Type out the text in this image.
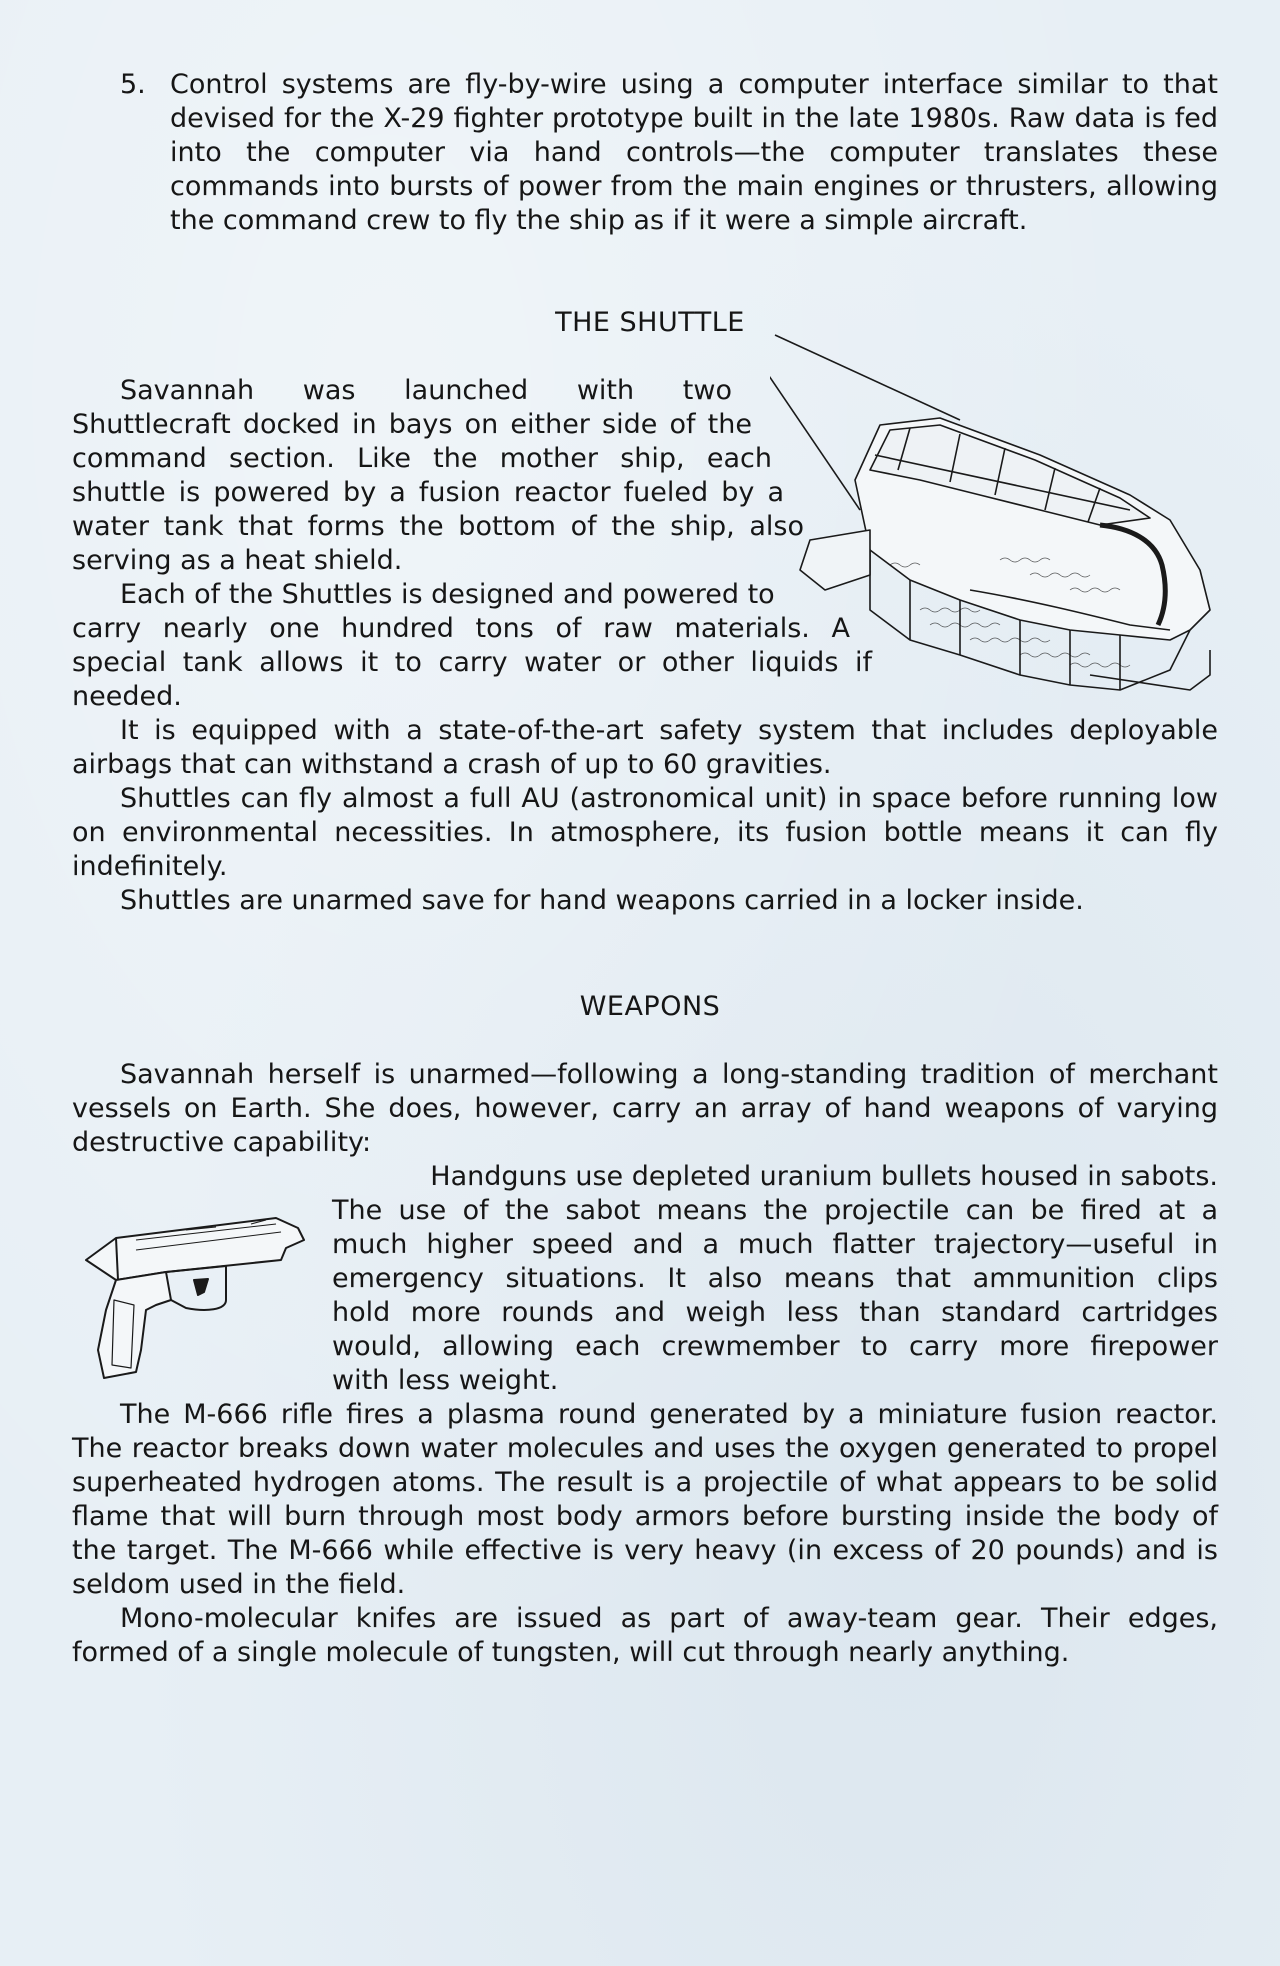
5. Control systems are fly-by-wire using a computer interface similar to that devised for the X-29 fighter prototype built in the late 1980s. Raw data is fed into the computer via hand controls—the computer translates these commands into bursts of power from the main engines or thrusters, allowing the command crew to fly the ship as if it were a simple aircraft.

THE SHUTTLE
Savannah was launched with two
Shuttlecraft docked in bays on either side of the
command section. Like the mother ship, each
shuttle is powered by a fusion reactor fueled by a
water tank that forms the bottom of the ship, also
serving as a heat shield.
Each of the Shuttles is designed and powered to
carry nearly one hundred tons of raw materials. A
special tank allows it to carry water or other liquids if
needed.

It is equipped with a state-of-the-art safety system that includes deployable airbags that can withstand a crash of up to 60 gravities.

Shuttles can fly almost a full AU (astronomical unit) in space before running low on environmental necessities. In atmosphere, its fusion bottle means it can fly indefinitely.

Shuttles are unarmed save for hand weapons carried in a locker inside.

WEAPONS

Savannah herself is unarmed—following a long-standing tradition of merchant vessels on Earth. She does, however, carry an array of hand weapons of varying destructive capability:

Handguns use depleted uranium bullets housed in sabots.
The use of the sabot means the projectile can be fired at a
much higher speed and a much flatter trajectory—useful in
emergency situations. It also means that ammunition clips
hold more rounds and weigh less than standard cartridges
would, allowing each crewmember to carry more firepower
with less weight.

The M-666 rifle fires a plasma round generated by a miniature fusion reactor. The reactor breaks down water molecules and uses the oxygen generated to propel superheated hydrogen atoms. The result is a projectile of what appears to be solid flame that will burn through most body armors before bursting inside the body of the target. The M-666 while effective is very heavy (in excess of 20 pounds) and is seldom used in the field.

Mono-molecular knifes are issued as part of away-team gear. Their edges, formed of a single molecule of tungsten, will cut through nearly anything.
